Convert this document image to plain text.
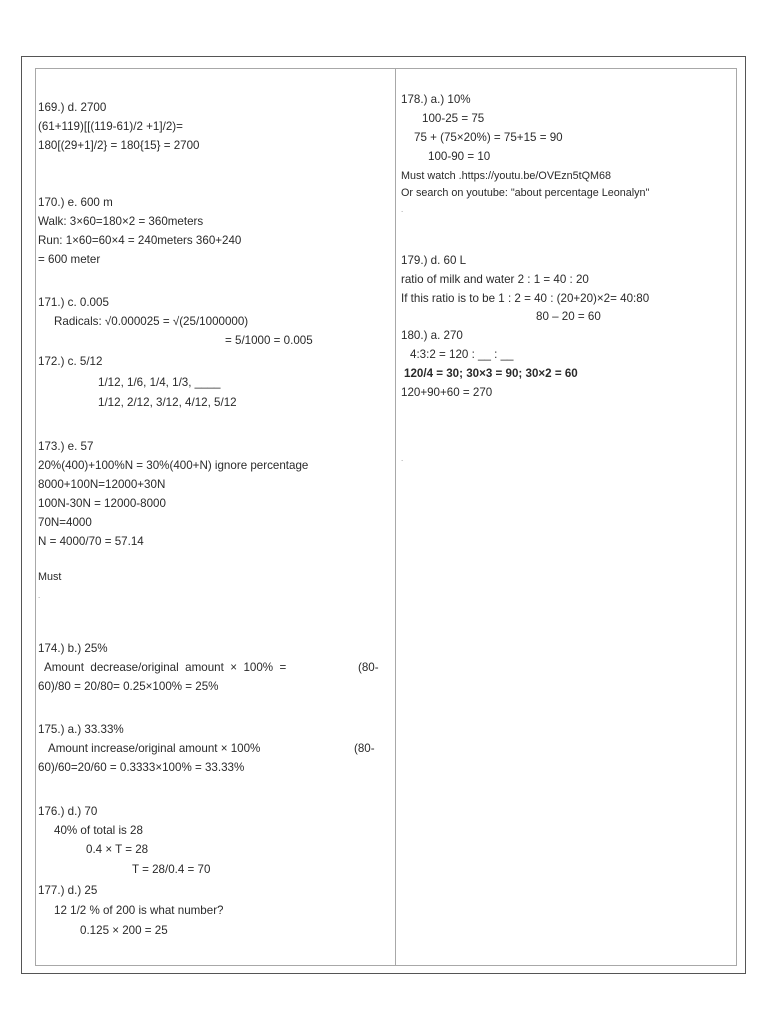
169.) d. 2700
(61+119)[[(119-61)/2 +1]/2)=
180[(29+1]/2} = 180{15} = 2700
170.) e. 600 m
Walk: 3×60=180×2 = 360meters
Run: 1×60=60×4 = 240meters 360+240
= 600 meter
171.) c. 0.005
Radicals: √0.000025 = √(25/1000000)
= 5/1000 = 0.005
172.) c. 5/12
1/12, 1/6, 1/4, 1/3, ____
1/12, 2/12, 3/12, 4/12, 5/12
173.) e. 57
20%(400)+100%N = 30%(400+N) ignore percentage
8000+100N=12000+30N
100N-30N = 12000-8000
70N=4000
N = 4000/70 = 57.14
Must
.
174.) b.) 25%
Amount  decrease/original  amount  ×  100%  =	(80-
60)/80 = 20/80= 0.25×100% = 25%
175.) a.) 33.33%
Amount increase/original amount × 100%	(80-
60)/60=20/60 = 0.3333×100% = 33.33%
176.) d.) 70
40% of total is 28
0.4 × T = 28
T = 28/0.4 = 70
177.) d.) 25
12 1/2 % of 200 is what number?
0.125 × 200 = 25
178.) a.) 10%
100-25 = 75
75 + (75×20%) = 75+15 = 90
100-90 = 10
Must watch .https://youtu.be/OVEzn5tQM68
Or search on youtube: "about percentage Leonalyn"
.
179.) d. 60 L
ratio of milk and water 2 : 1 = 40 : 20
If this ratio is to be 1 : 2 = 40 : (20+20)×2= 40:80
80 – 20 = 60
180.) a. 270
4:3:2 = 120 : __ : __
120/4 = 30; 30×3 = 90; 30×2 = 60
120+90+60 = 270
.
